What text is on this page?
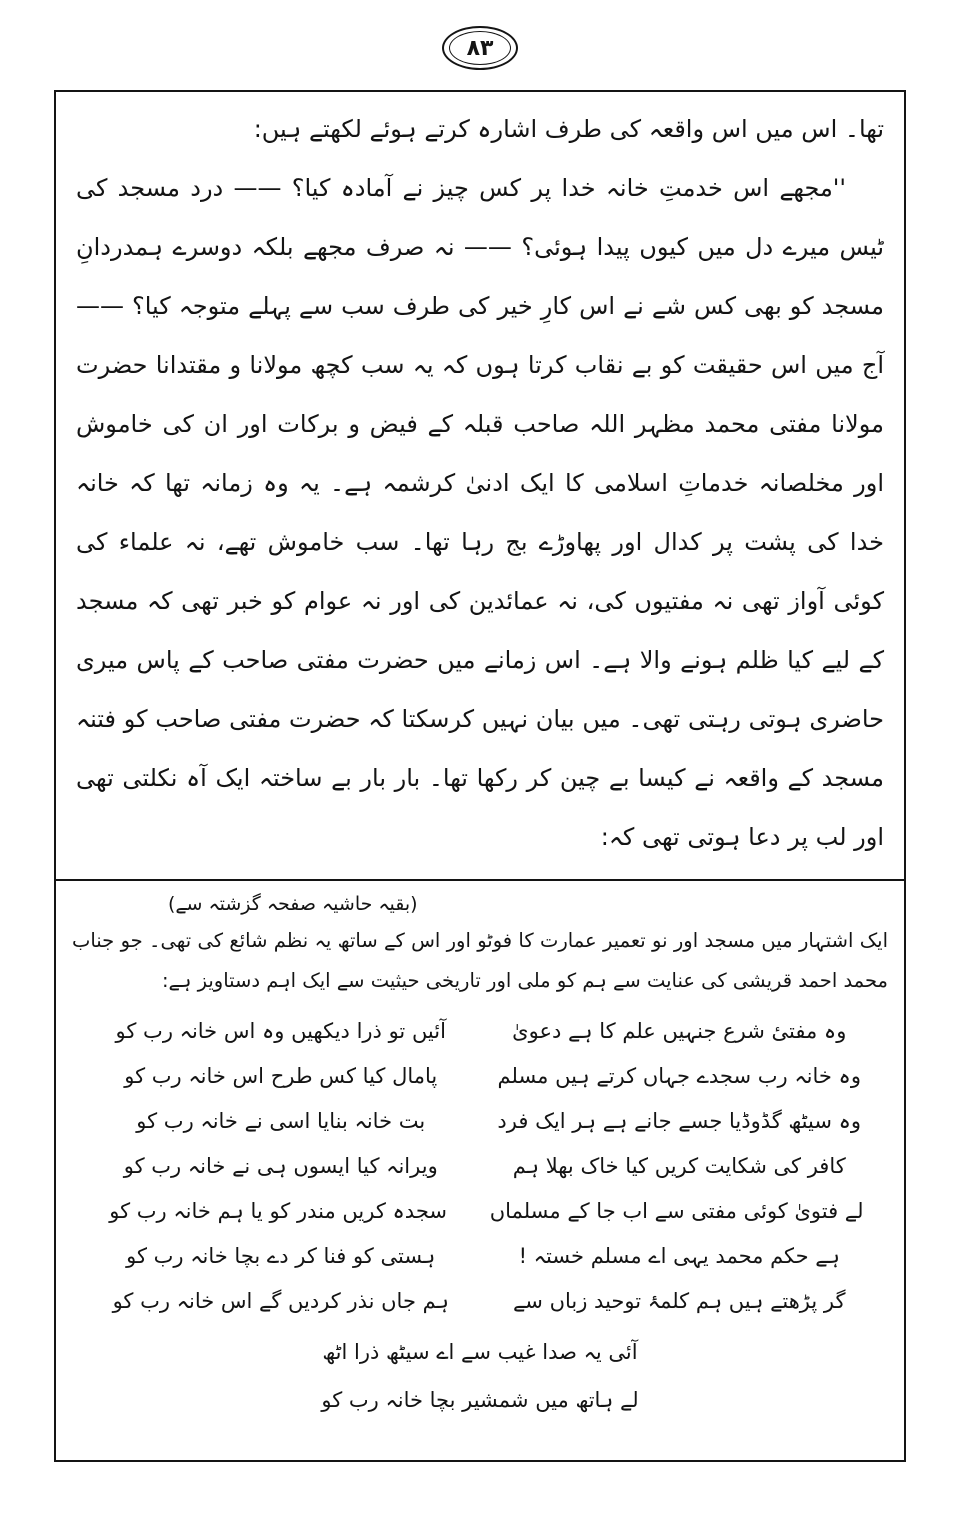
۸۳

تھا۔ اس میں اس واقعہ کی طرف اشارہ کرتے ہوئے لکھتے ہیں:

''مجھے اس خدمتِ خانہ خدا پر کس چیز نے آمادہ کیا؟ —— درد مسجد کی ٹیس میرے دل میں کیوں پیدا ہوئی؟ —— نہ صرف مجھے بلکہ دوسرے ہمدردانِ مسجد کو بھی کس شے نے اس کارِ خیر کی طرف سب سے پہلے متوجہ کیا؟ —— آج میں اس حقیقت کو بے نقاب کرتا ہوں کہ یہ سب کچھ مولانا و مقتدانا حضرت مولانا مفتی محمد مظہر اللہ صاحب قبلہ کے فیض و برکات اور ان کی خاموش اور مخلصانہ خدماتِ اسلامی کا ایک ادنیٰ کرشمہ ہے۔ یہ وہ زمانہ تھا کہ خانہ خدا کی پشت پر کدال اور پھاوڑے بج رہا تھا۔ سب خاموش تھے، نہ علماء کی کوئی آواز تھی نہ مفتیوں کی، نہ عمائدین کی اور نہ عوام کو خبر تھی کہ مسجد کے لیے کیا ظلم ہونے والا ہے۔ اس زمانے میں حضرت مفتی صاحب کے پاس میری حاضری ہوتی رہتی تھی۔ میں بیان نہیں کرسکتا کہ حضرت مفتی صاحب کو فتنہ مسجد کے واقعہ نے کیسا بے چین کر رکھا تھا۔ بار بار بے ساختہ ایک آہ نکلتی تھی اور لب پر دعا ہوتی تھی کہ:

(بقیہ حاشیہ صفحہ گزشتہ سے)

ایک اشتہار میں مسجد اور نو تعمیر عمارت کا فوٹو اور اس کے ساتھ یہ نظم شائع کی تھی۔ جو جناب محمد احمد قریشی کی عنایت سے ہم کو ملی اور تاریخی حیثیت سے ایک اہم دستاویز ہے:

وہ مفتیٔ شرع جنہیں علم کا ہے دعویٰ
آئیں تو ذرا دیکھیں وہ اس خانہ رب کو
وہ خانہ رب سجدے جہاں کرتے ہیں مسلم
پامال کیا کس طرح اس خانہ رب کو
وہ سیٹھ گڈوڈیا جسے جانے ہے ہر ایک فرد
بت خانہ بنایا اسی نے خانہ رب کو
کافر کی شکایت کریں کیا خاک بھلا ہم
ویرانہ کیا ایسوں ہی نے خانہ رب کو
لے فتویٰ کوئی مفتی سے اب جا کے مسلماں
سجدہ کریں مندر کو یا ہم خانہ رب کو
ہے حکم محمد یہی اے مسلم خستہ !
ہستی کو فنا کر دے بچا خانہ رب کو
گر پڑھتے ہیں ہم کلمۂ توحید زباں سے
ہم جاں نذر کردیں گے اس خانہ رب کو
آئی یہ صدا غیب سے اے سیٹھ ذرا اٹھ
لے ہاتھ میں شمشیر بچا خانہ رب کو
